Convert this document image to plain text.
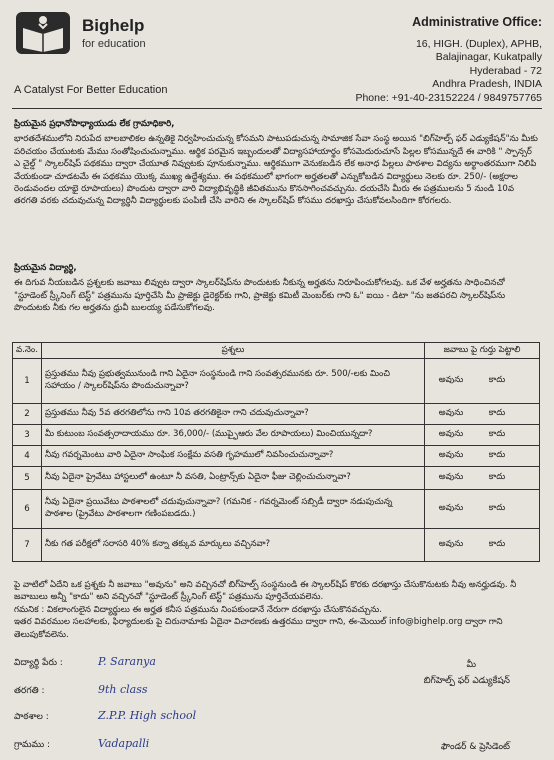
Bighelp
for education
A Catalyst For Better Education
Administrative Office:
16, HIGH. (Duplex), APHB,
Balajinagar, Kukatpally
Hyderabad - 72
Andhra Pradesh, INDIA
Phone: +91-40-23152224 / 9849757765
ప్రియమైన ప్రధానోపాధ్యాయుడు లేక గ్రామాధికారి,
భారతదేశములోని నిరుపేద బాలబాలికల ఉన్నతికై నిర్వహించుచున్న కోసమని పాటుపడుచున్న సామాజిక సేవా సంస్థ అయిన "బిగ్‌హెల్ప్ ఫర్ ఎడ్యుకేషన్"ను మీకు పరిచయం చేయుటకు మేము సంతోషించుచున్నాము. ఆర్థిక పరమైన ఇబ్బందులతో విద్యాసహాయార్థం కోసమెదురుచూసే పిల్లల కోసమున్నదే ఈ వారికి " స్పాన్సర్ ఎ చైల్డ్ " స్కాలర్‌షిప్ పథకము ద్వారా చేయూత నివ్వుటకు పూనుకున్నాము. ఆర్థికముగా వెనుకబడిన లేక అనాధ పిల్లలు పాఠశాల విద్యను అర్థాంతరముగా నిలిపి వేయకుండా చూడటమే ఈ పథకము యొక్క ముఖ్య ఉద్దేశ్యము. ఈ పథకములో భాగంగా అర్హతలతో ఎన్నుకోబడిన విద్యార్థులు నెలకు రూ. 250/- (అక్షరాల రెండువందల యాభై రూపాయలు) పొందుట ద్వారా వారి విద్యాభివృద్ధికి జీవితమును కొనసాగించవచ్చును. దయచేసి మీరు ఈ పత్రములను 5 నుండి 10వ తరగతి వరకు చదువుచున్న విద్యార్థినీ విద్యార్థులకు పంపిణీ చేసి వారిని ఈ స్కాలర్‌షిప్ కోసము దరఖాస్తు చేసుకోవలసిందిగా కోరగలరు.
ప్రియమైన విద్యార్థి,
ఈ దిగువ నీయబడిన ప్రశ్నలకు జవాబు లివ్వుట ద్వారా స్కాలర్‌షిప్‌ను పొందుటకు నీకున్న అర్హతను నిరూపించుకోగలవు. ఒక వేళ అర్హతను సాధించినచో "స్టూడెంట్ స్ర్కీనింగ్ టెస్ట్" పత్రమును పూర్తిచేసి మీ ప్రాజెక్టు డైరెక్టర్‌కు గాని, ప్రాజెక్టు కమిటీ మెంబర్‌కు గాని ఓ" ఐయి - డిటా "ను జతపరచి స్కాలర్‌షిప్‌ను పొందుటకు నీకు గల అర్హతను ధ్రువీ బులయ్య పడేసుకోగలవు.
వ.నెం.	ప్రశ్నలు	జవాబు పై గుర్తు పెట్టాలి
1	ప్రస్తుతము నీవు ప్రభుత్వమునుండి గాని ఏదైనా సంస్థనుండి గాని సంవత్సరమునకు రూ. 500/-లకు మించి సహాయం / స్కాలర్‌షిప్‌ను పొందుచున్నావా?	అవును కాదు
2	ప్రస్తుతము నీవు 5వ తరగతిలోను గాని 10వ తరగతికైనా గాని చదువుచున్నావా?	అవును కాదు
3	మీ కుటుంబ సంవత్సరాదాయము రూ. 36,000/- (ముప్ఫైఆరు వేల రూపాయలు) మించియున్నదా?	అవును కాదు
4	నీవు గవర్నమెంటు వారి ఏదైనా సాంఘిక సంక్షేమ వసతి గృహములో నివసించుచున్నావా?	అవును కాదు
5	నీవు ఏదైనా ప్రైవేటు హాస్టలులో ఉంటూ నీ వసతి, ఏంట్రాన్స్‌కు ఏదైనా ఫీజు చెల్లించుచున్నావా?	అవును కాదు
6	నీవు ఏదైనా ప్రయివేటు పాఠశాలలో చదువుచున్నావా? (గమనిక - గవర్నమెంట్ సబ్సిడీ ద్వారా నడుపుచున్న పాఠశాల (ప్రైవేటు పాఠశాలగా గణింపబడదు.)	అవును కాదు
7	నీకు గత పరీక్షలో సరాసరి 40% కన్నా తక్కువ మార్కులు వచ్చినవా?	అవును కాదు
పై వాటిలో ఏదేని ఒక ప్రశ్నకు నీ జవాబు "అవును" అని వచ్చినచో బిగ్‌హెల్ప్ సంస్థనుండి ఈ స్కాలర్‌షిప్ కొరకు దరఖాస్తు చేసుకొనుటకు నీవు అనర్హుడవు. నీ జవాబులు అన్నీ "కాదు" అని వచ్చినచో "స్టూడెంట్ స్ర్కీనింగ్ టెస్ట్" పత్రమును పూర్తిచేయవలెను.
గమనిక : వికలాంగులైన విద్యార్థులు ఈ అర్హత కనీస పత్రమును నింపకుండానే నేరుగా దరఖాస్తు చేసుకొనవచ్చును.
ఇతర వివరముల సలహాలకు, ఫిర్యాదులకు పై చిరునామాకు ఏదైనా విచారణకు ఉత్తరము ద్వారా గాని, ఈ-మెయిల్ info@bighelp.org ద్వారా గాని తెలుపుకోవలెను.
విద్యార్థి పేరు :	P. Saranya
తరగతి :	9th class
పాఠశాల :	Z.P.P. High school
గ్రామము :	Vadapalli
మీ
బిగ్‌హెల్ప్ ఫర్ ఎడ్యుకేషన్
ఫౌండర్ & ప్రెసిడెంట్
